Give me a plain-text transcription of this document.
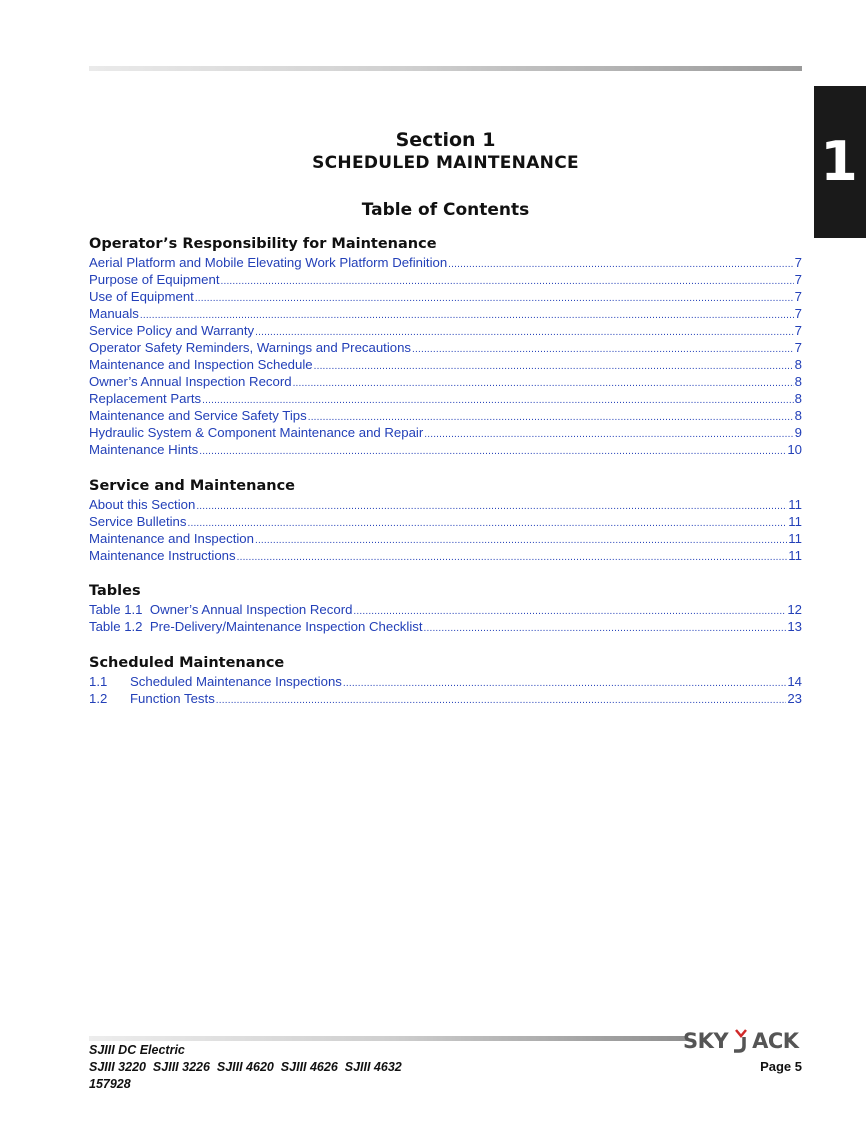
1
Section 1
SCHEDULED MAINTENANCE
Table of Contents
Operator’s Responsibility for Maintenance
Aerial Platform and Mobile Elevating Work Platform Definition .....	7
Purpose of Equipment .....	7
Use of Equipment .....	7
Manuals .....	7
Service Policy and Warranty .....	7
Operator Safety Reminders, Warnings and Precautions .....	7
Maintenance and Inspection Schedule .....	8
Owner’s Annual Inspection Record .....	8
Replacement Parts .....	8
Maintenance and Service Safety Tips .....	8
Hydraulic System & Component Maintenance and Repair .....	9
Maintenance Hints .....	10
Service and Maintenance
About this Section .....	11
Service Bulletins .....	11
Maintenance and Inspection .....	11
Maintenance Instructions .....	11
Tables
Table 1.1  Owner’s Annual Inspection Record .....	12
Table 1.2  Pre-Delivery/Maintenance Inspection Checklist .....	13
Scheduled Maintenance
1.1	Scheduled Maintenance Inspections .....	14
1.2	Function Tests .....	23
SKY ACK

SJIII DC Electric

SJIII 3220  SJIII 3226  SJIII 4620  SJIII 4626  SJIII 4632

157928

Page 5
